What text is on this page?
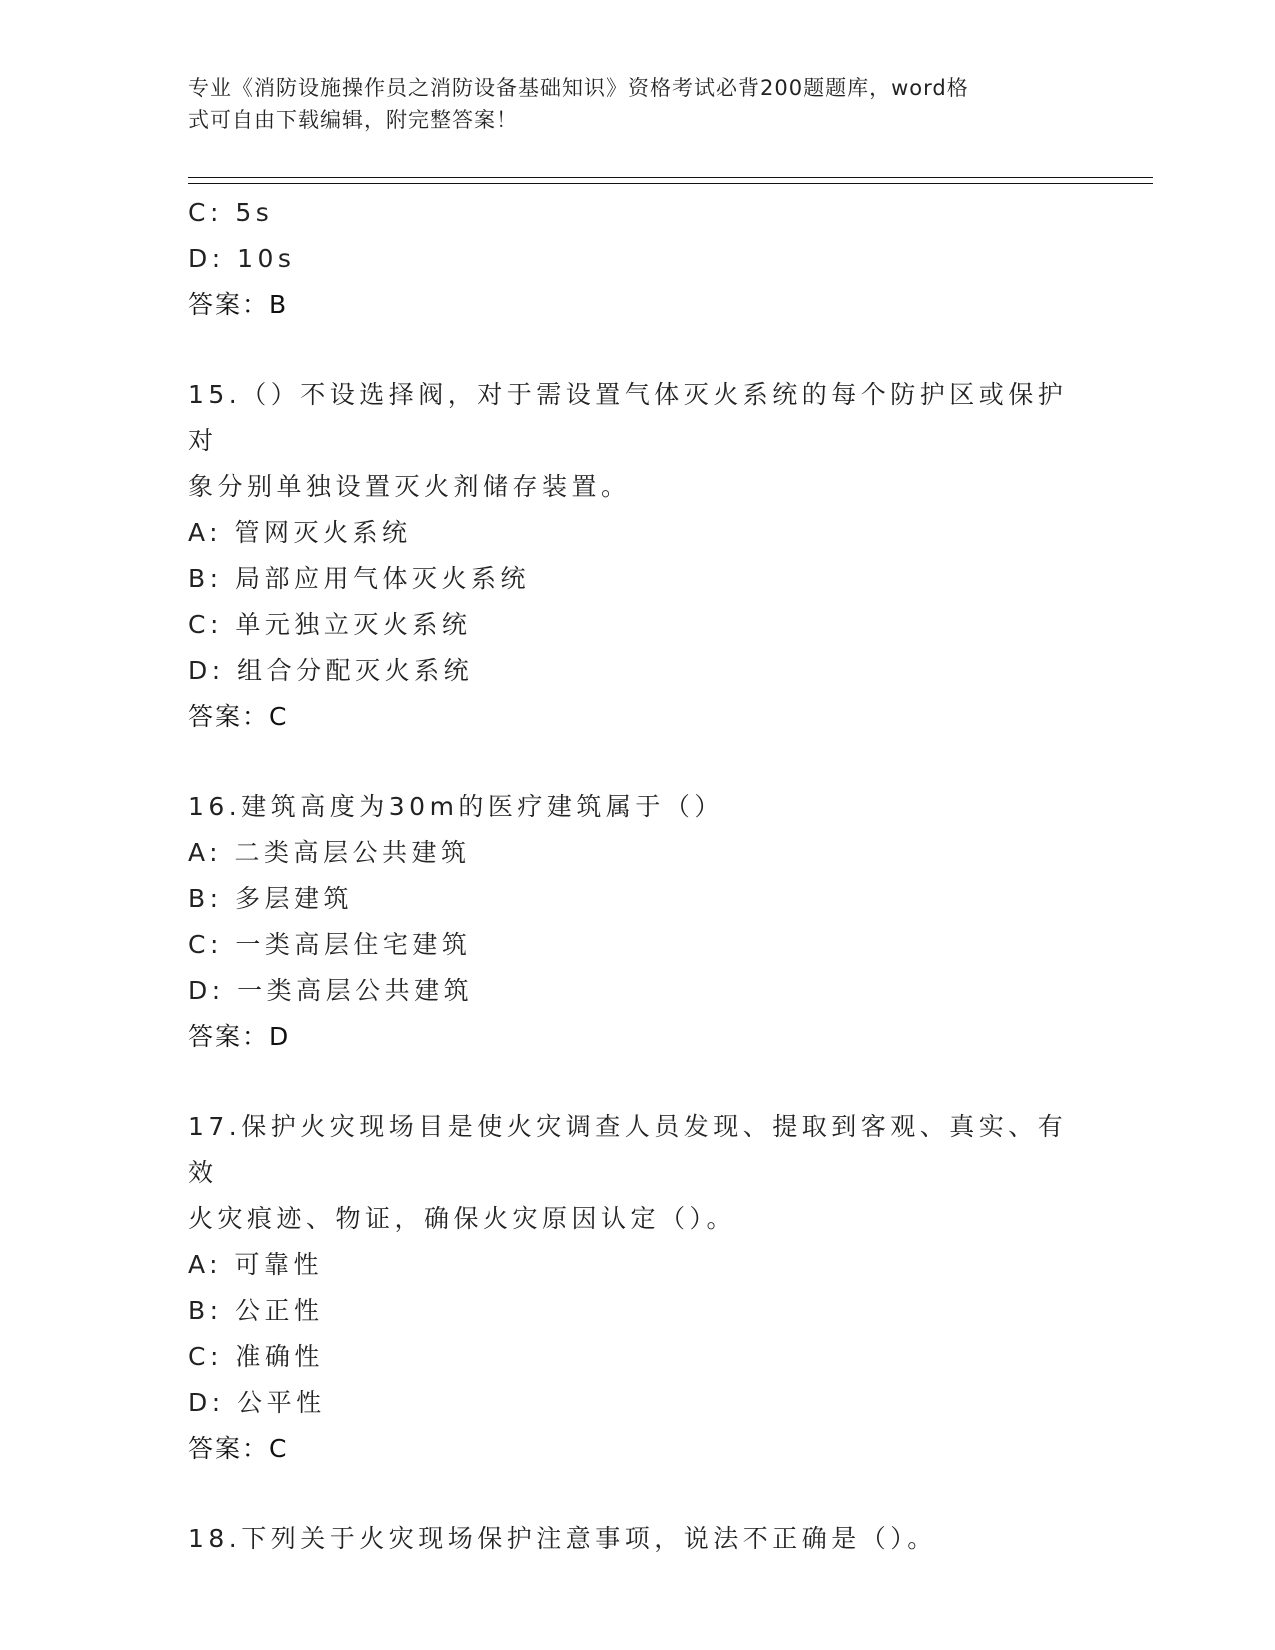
专业《消防设施操作员之消防设备基础知识》资格考试必背200题题库，word格
式可自由下载编辑，附完整答案！
C: 5s
D: 10s
答案：B
15.（）不设选择阀，对于需设置气体灭火系统的每个防护区或保护对
象分别单独设置灭火剂储存装置。
A: 管网灭火系统
B: 局部应用气体灭火系统
C: 单元独立灭火系统
D: 组合分配灭火系统
答案：C
16.建筑高度为30m的医疗建筑属于（）
A: 二类高层公共建筑
B: 多层建筑
C: 一类高层住宅建筑
D: 一类高层公共建筑
答案：D
17.保护火灾现场目是使火灾调查人员发现、提取到客观、真实、有效
火灾痕迹、物证，确保火灾原因认定（）。
A: 可靠性
B: 公正性
C: 准确性
D: 公平性
答案：C
18.下列关于火灾现场保护注意事项，说法不正确是（）。
